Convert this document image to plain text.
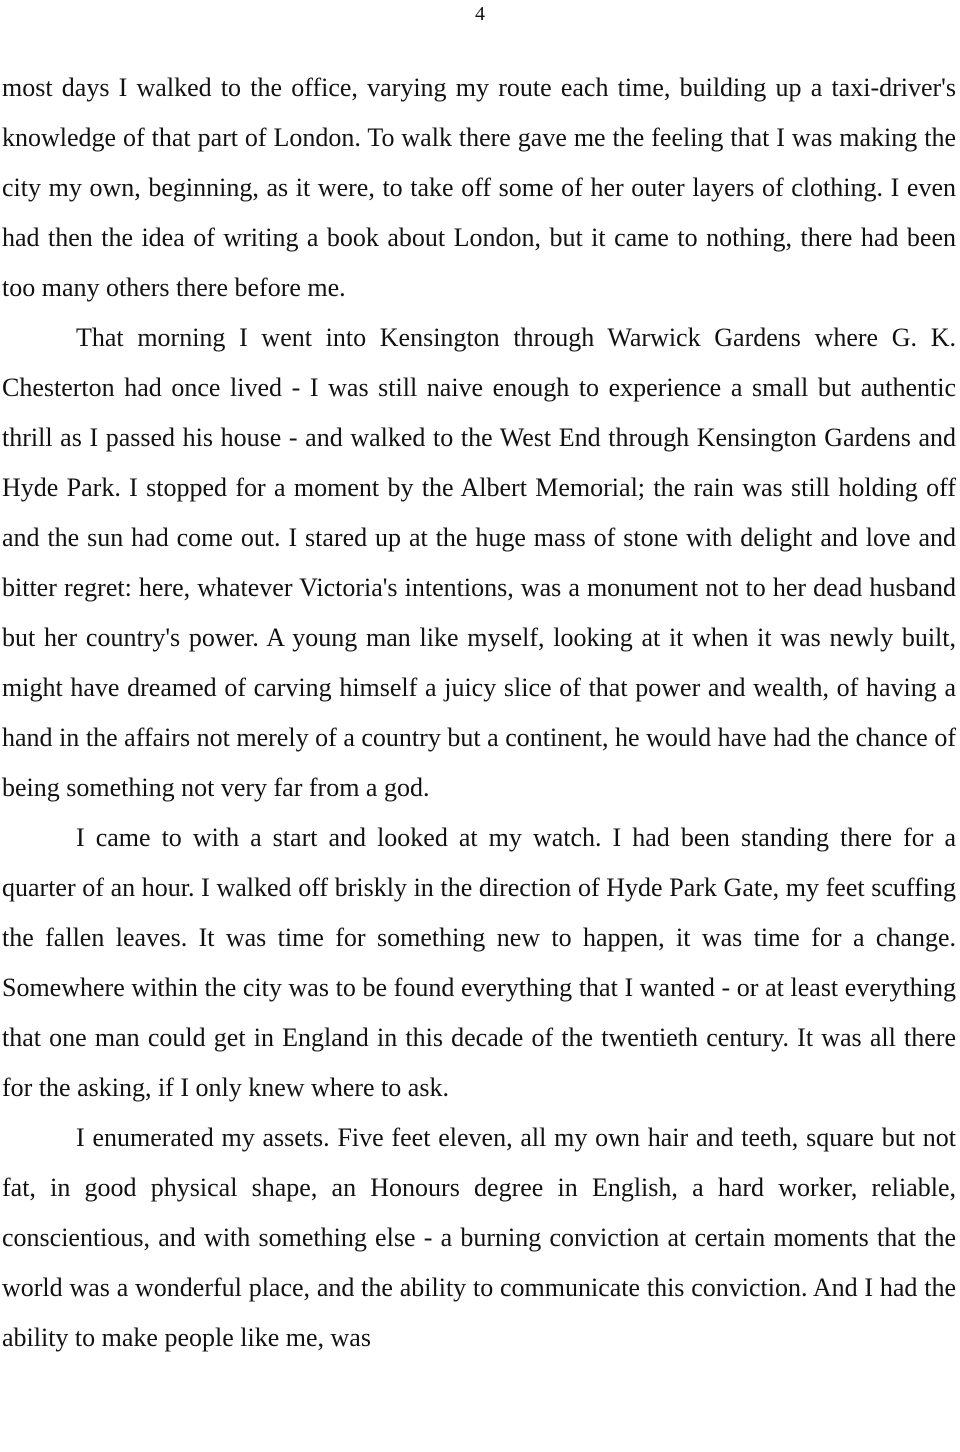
4

most days I walked to the office, varying my route each time, building up a taxi-driver's knowledge of that part of London. To walk there gave me the feeling that I was making the city my own, beginning, as it were, to take off some of her outer layers of clothing. I even had then the idea of writing a book about London, but it came to nothing, there had been too many others there before me.

That morning I went into Kensington through Warwick Gardens where G. K. Chesterton had once lived - I was still naive enough to experience a small but authentic thrill as I passed his house - and walked to the West End through Kensington Gardens and Hyde Park. I stopped for a moment by the Albert Memorial; the rain was still holding off and the sun had come out. I stared up at the huge mass of stone with delight and love and bitter regret: here, whatever Victoria's intentions, was a monument not to her dead husband but her country's power. A young man like myself, looking at it when it was newly built, might have dreamed of carving himself a juicy slice of that power and wealth, of having a hand in the affairs not merely of a country but a continent, he would have had the chance of being something not very far from a god.

I came to with a start and looked at my watch. I had been standing there for a quarter of an hour. I walked off briskly in the direction of Hyde Park Gate, my feet scuffing the fallen leaves. It was time for something new to happen, it was time for a change. Somewhere within the city was to be found everything that I wanted - or at least everything that one man could get in England in this decade of the twentieth century. It was all there for the asking, if I only knew where to ask.

I enumerated my assets. Five feet eleven, all my own hair and teeth, square but not fat, in good physical shape, an Honours degree in English, a hard worker, reliable, conscientious, and with something else - a burning conviction at certain moments that the world was a wonderful place, and the ability to communicate this conviction. And I had the ability to make people like me, was
